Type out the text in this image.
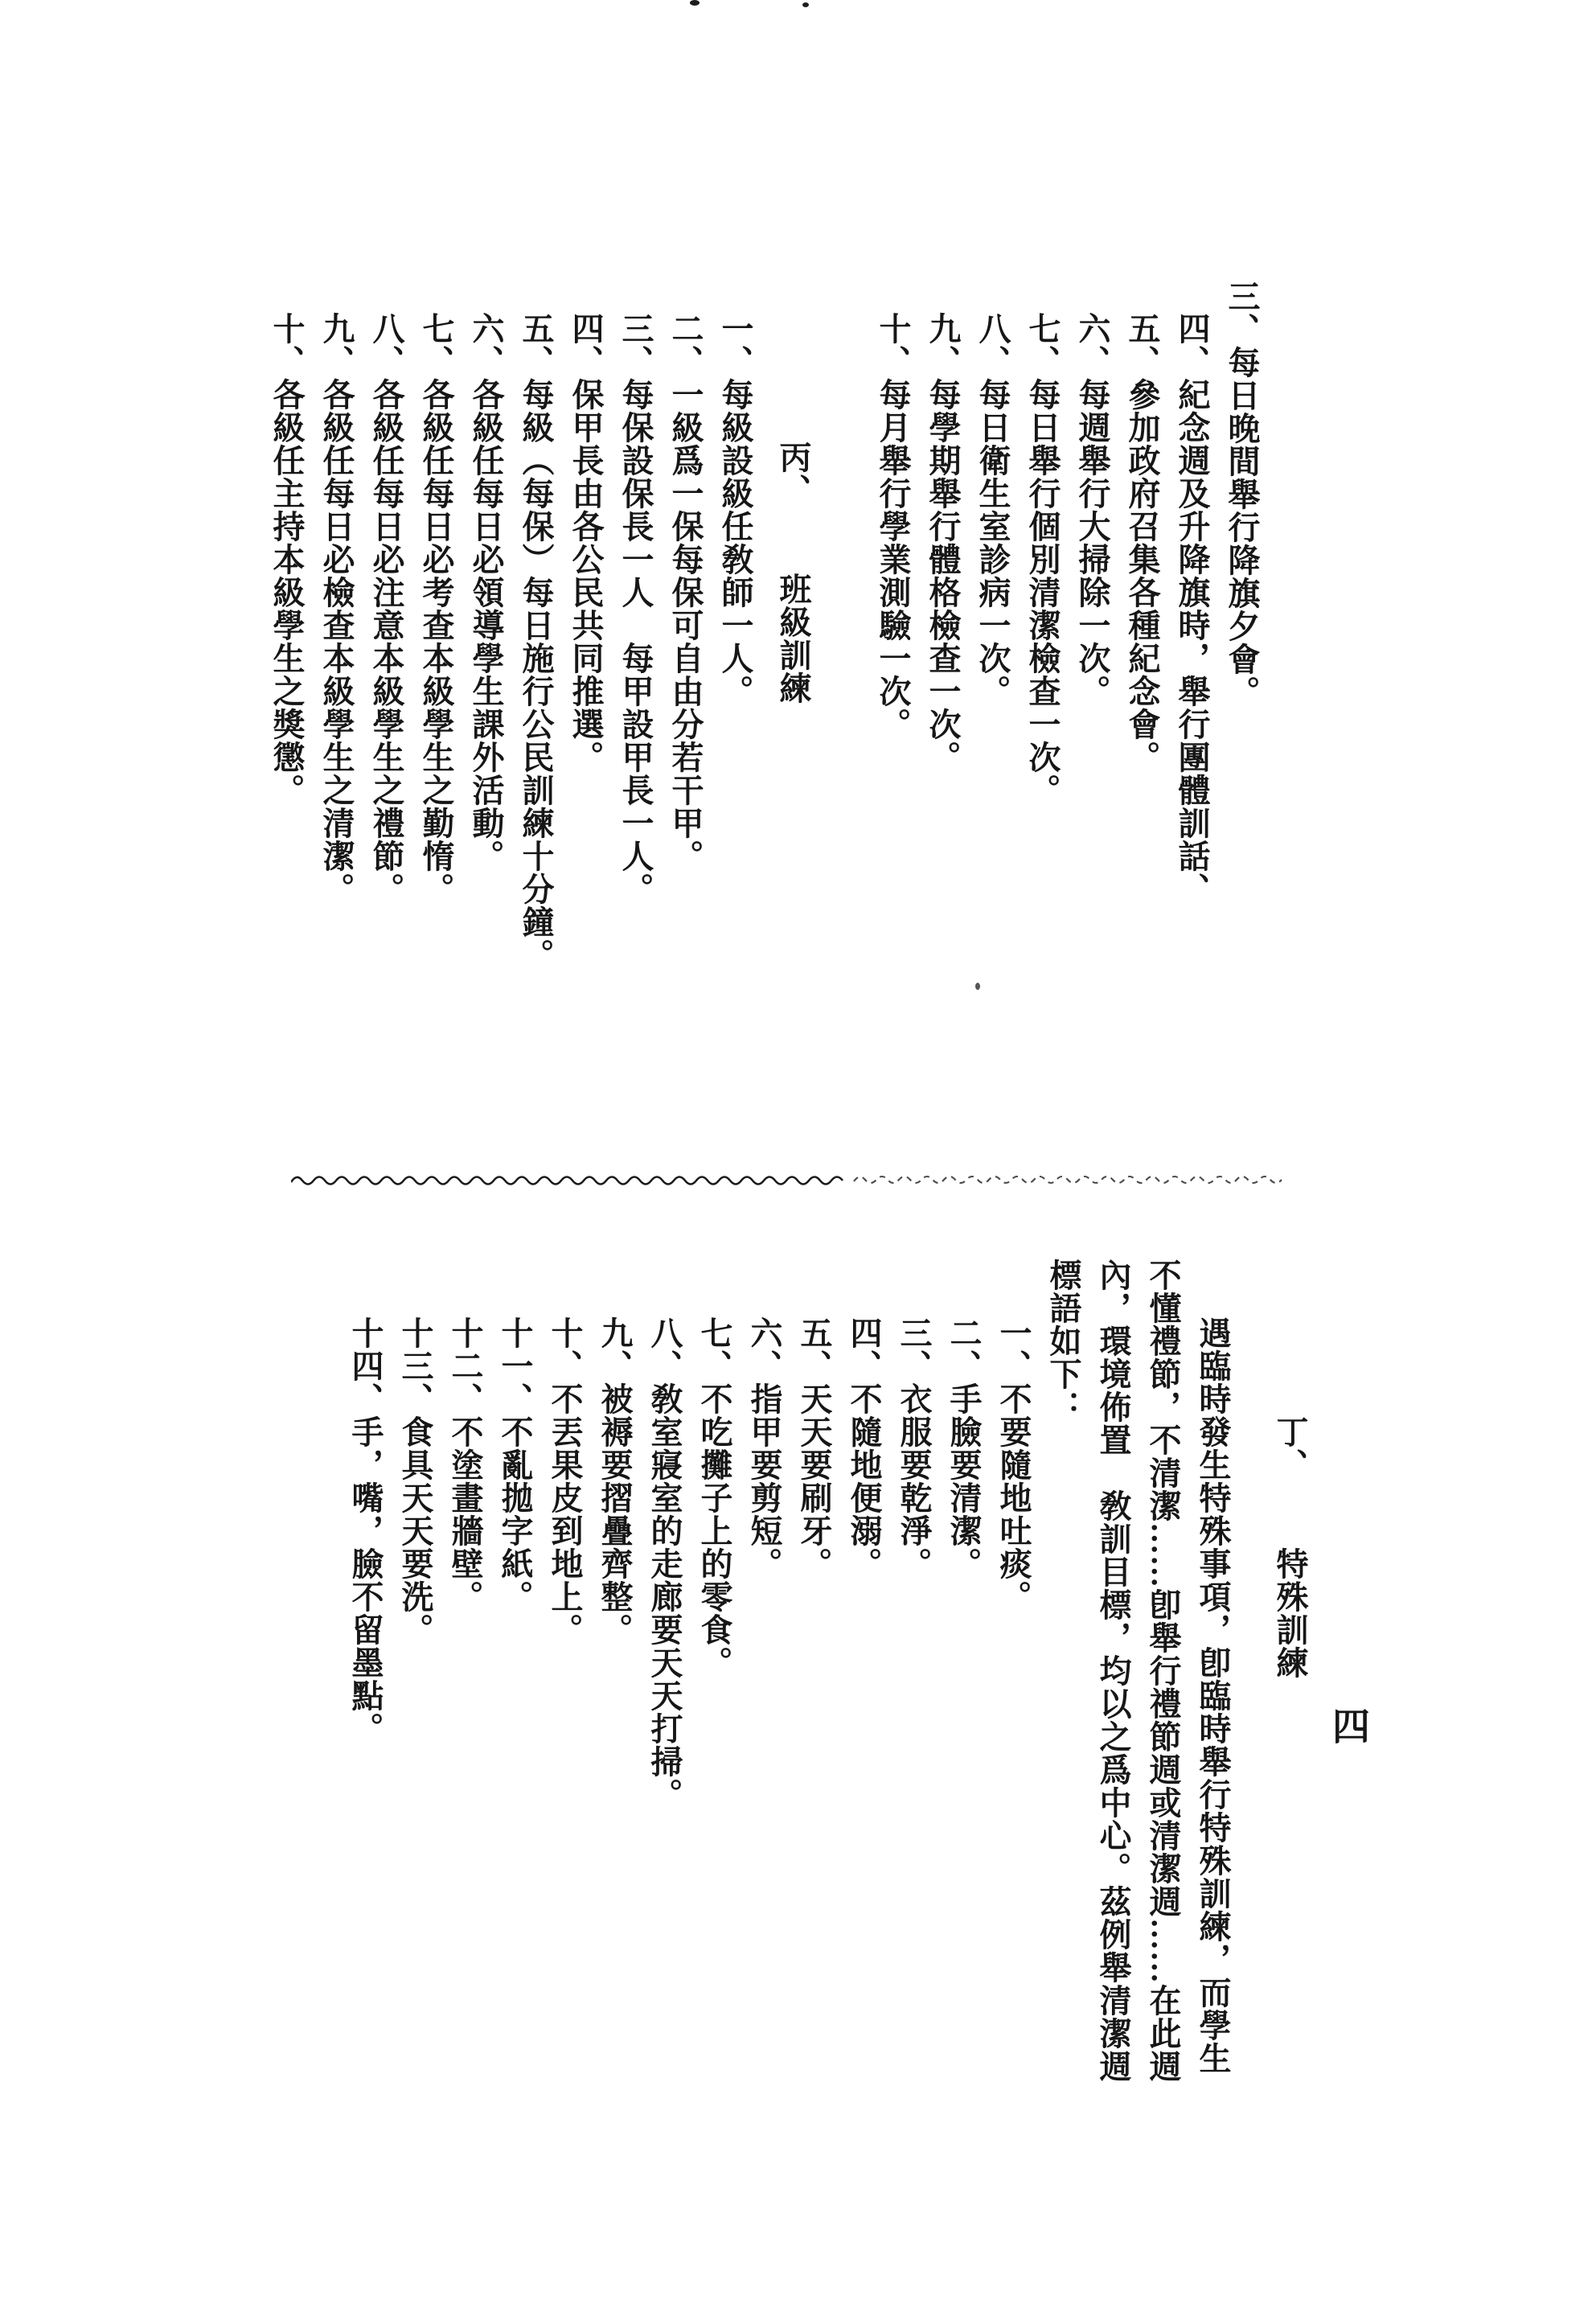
三、每日晚間舉行降旗夕會。
四、紀念週及升降旗時，舉行團體訓話、
五、參加政府召集各種紀念會。
六、每週舉行大掃除一次。
七、每日舉行個別清潔檢查一次。
八、每日衛生室診病一次。
九、每學期舉行體格檢查一次。
十、每月舉行學業測驗一次。
丙、班級訓練
一、每級設級任敎師一人。
二、一級爲一保每保可自由分若干甲。
三、每保設保長一人　每甲設甲長一人。
四、保甲長由各公民共同推選。
五、每級（每保）每日施行公民訓練十分鐘。
六、各級任每日必領導學生課外活動。
七、各級任每日必考查本級學生之勤惰。
八、各級任每日必注意本級學生之禮節。
九、各級任每日必檢查本級學生之清潔。
十、各級任主持本級學生之獎懲。
丁、特殊訓練
遇臨時發生特殊事項，卽臨時舉行特殊訓練，而學生
不懂禮節，不清潔……卽舉行禮節週或清潔週……在此週
內，環境佈置　敎訓目標，均以之爲中心。茲例舉清潔週
標語如下：
一、不要隨地吐痰。
二、手臉要清潔。
三、衣服要乾淨。
四、不隨地便溺。
五、天天要刷牙。
六、指甲要剪短。
七、不吃攤子上的零食。
八、敎室寢室的走廊要天天打掃。
九、被褥要摺疊齊整。
十、不丟果皮到地上。
十一、不亂拋字紙。
十二、不塗畫牆壁。
十三、食具天天要洗。
十四、手，嘴，臉不留墨點。	四
